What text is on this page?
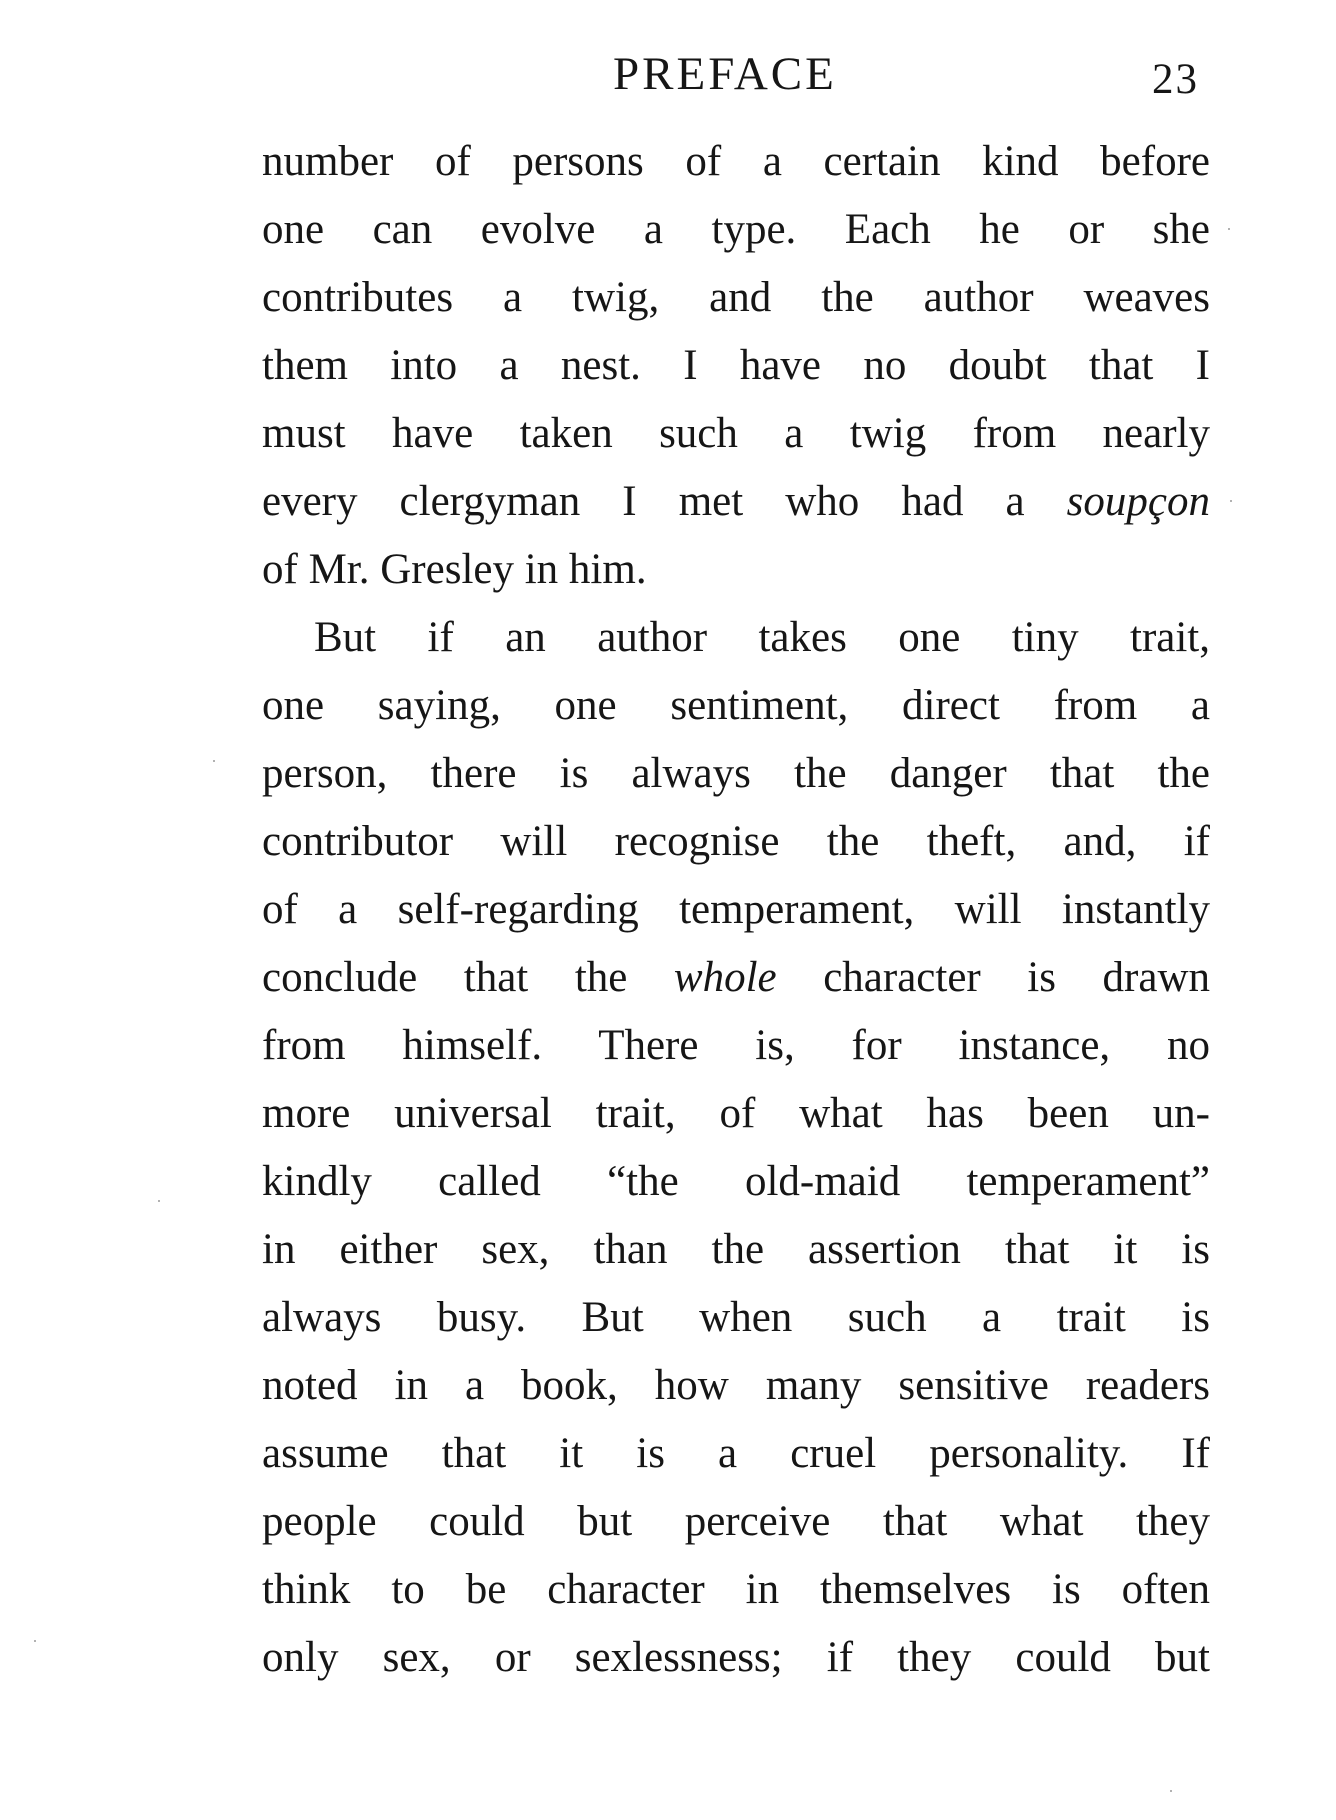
PREFACE	23
number of persons of a certain kind before
one can evolve a type. Each he or she
contributes a twig, and the author weaves
them into a nest. I have no doubt that I
must have taken such a twig from nearly
every clergyman I met who had a soupçon
of Mr. Gresley in him.
But if an author takes one tiny trait,
one saying, one sentiment, direct from a
person, there is always the danger that the
contributor will recognise the theft, and, if
of a self-regarding temperament, will instantly
conclude that the whole character is drawn
from himself. There is, for instance, no
more universal trait, of what has been un-
kindly called “the old-maid temperament”
in either sex, than the assertion that it is
always busy. But when such a trait is
noted in a book, how many sensitive readers
assume that it is a cruel personality. If
people could but perceive that what they
think to be character in themselves is often
only sex, or sexlessness; if they could but
